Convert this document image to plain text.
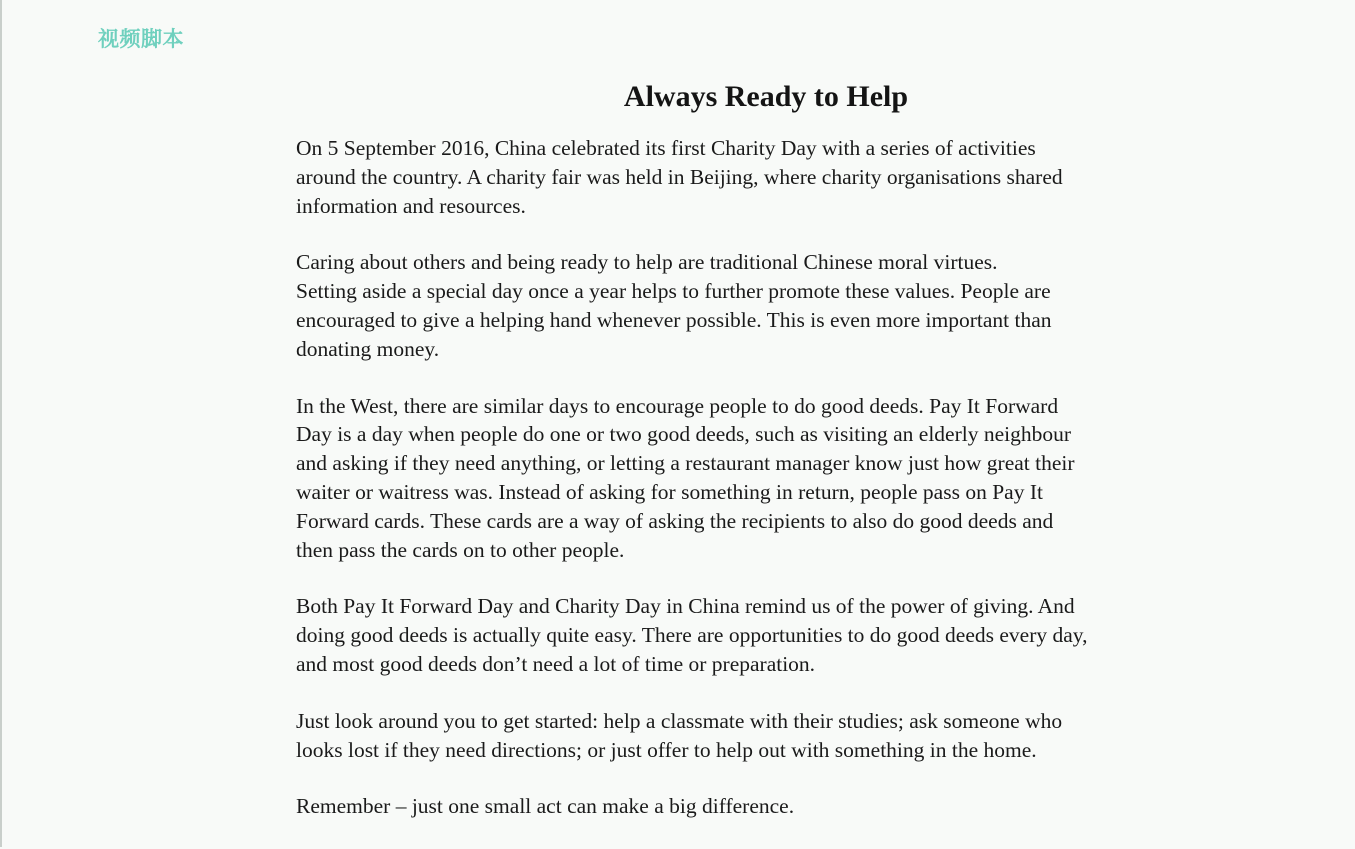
视频脚本

Always Ready to Help

On 5 September 2016, China celebrated its first Charity Day with a series of activities
around the country. A charity fair was held in Beijing, where charity organisations shared
information and resources.

Caring about others and being ready to help are traditional Chinese moral virtues.
Setting aside a special day once a year helps to further promote these values. People are
encouraged to give a helping hand whenever possible. This is even more important than
donating money.

In the West, there are similar days to encourage people to do good deeds. Pay It Forward
Day is a day when people do one or two good deeds, such as visiting an elderly neighbour
and asking if they need anything, or letting a restaurant manager know just how great their
waiter or waitress was. Instead of asking for something in return, people pass on Pay It
Forward cards. These cards are a way of asking the recipients to also do good deeds and
then pass the cards on to other people.

Both Pay It Forward Day and Charity Day in China remind us of the power of giving. And
doing good deeds is actually quite easy. There are opportunities to do good deeds every day,
and most good deeds don’t need a lot of time or preparation.

Just look around you to get started: help a classmate with their studies; ask someone who
looks lost if they need directions; or just offer to help out with something in the home.

Remember – just one small act can make a big difference.
